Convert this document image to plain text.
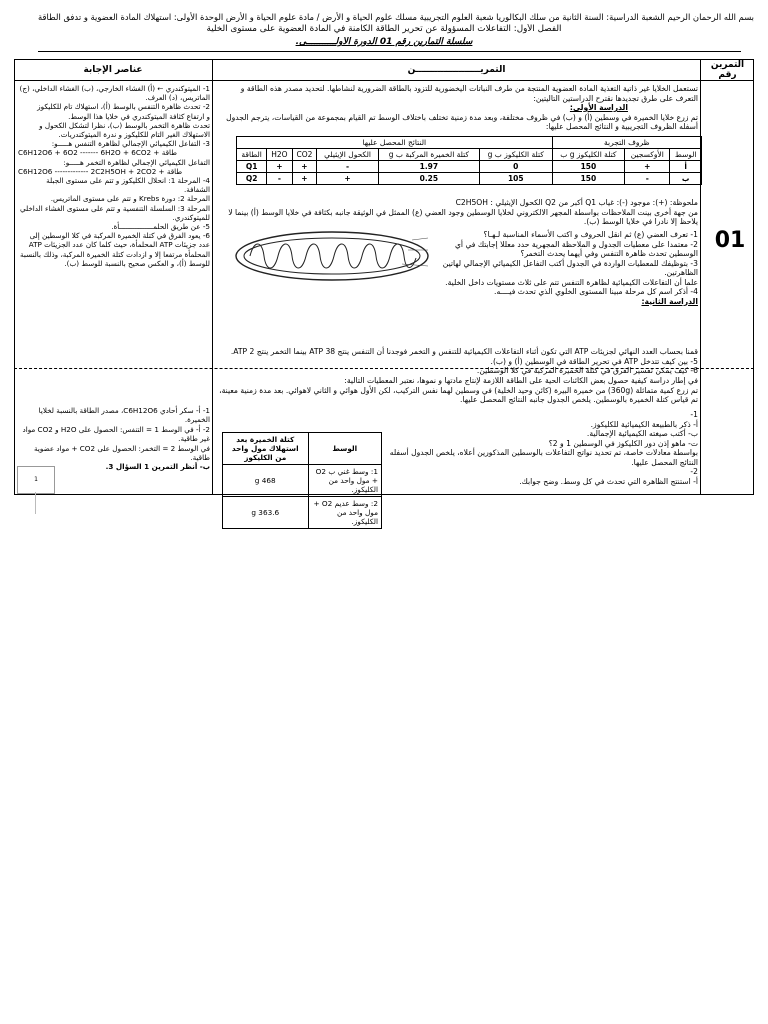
بسم الله الرحمان الرحيم الشعبة الدراسية: السنة الثانية من سلك البكالوريا شعبة العلوم التجريبية مسلك علوم الحياة و الأرض / مادة علوم الحياة و الأرض الوحدة الأولى: استهلاك المادة العضوية و تدفق الطاقة
الفصل الأول: التفاعلات المسؤولة عن تحرير الطاقة الكامنة في المادة العضوية على مستوى الخلية
سلسلة التمارين رقم 01 الدورة الأولـــــــــــى.
التمرين رقم
التمريـــــــــــــــــــــن
عناصر الإجابة
01

تستعمل الخلايا غير ذاتية التغذية المادة العضوية المنتجة من طرف النباتات اليخضورية للتزود بالطاقة الضرورية لنشاطها. لتحديد مصدر هذه الطاقة و التعرف على طرق تجديدها نقترح الدراستين التاليتين:

الدراسة الأولى:

تم زرع خلايا الخميرة في وسطين (أ) و (ب) في ظروف مختلفة، وبعد مدة زمنية تختلف باختلاف الوسط تم القيام بمجموعة من القياسات، يترجم الجدول أسفله الظروف التجريبية و النتائج المحصل عليها:

ظروف التجربة			النتائج المحصل عليها					
الوسط	الأوكسجين	كتلة الكليكوز g ب	كتلة الكليكوز ب g	كتلة الخميرة المركبة ب g	الكحول الإيثيلي	CO2	H2O	الطاقة
أ	+	150	0	1.97	-	+	+	Q1
ب	-	150	105	0.25	+	+	-	Q2

ملحوظة: (+): موجود (-): غياب Q1 أكبر من Q2 الكحول الإيثيلي : C2H5OH

من جهة أخرى بينت الملاحظات بواسطة المجهر الالكتروني لخلايا الوسطين وجود العضي (ع) الممثل في الوثيقة جانبه بكثافة في خلايا الوسط (أ) بينما لا يلاحظ إلا نادرا في خلايا الوسط (ب).

1- تعرف العضي (ع) ثم انقل الحروف و اكتب الأسماء المناسبة لـهـا؟

2- معتمدا على معطيات الجدول و الملاحظة المجهرية حدد معللا إجابتك في أي الوسطين تحدث ظاهرة التنفس وفي أيهما يحدث التخمر؟

3- بتوظيفك للمعطيات الواردة في الجدول أكتب التفاعل الكيميائي الإجمالي لهاتين الظاهرتين.

علما أن التفاعلات الكيميائية لظاهرة التنفس تتم على ثلاث مستويات داخل الخلية.

4- أذكر اسم كل مرحلة مبينا المستوى الخلوي الذي تحدث فيــــه.

الدراسة الثانية:

قمنا بحساب العدد النهائي لجزيئات ATP التي تكون أثناء التفاعلات الكيميائية للتنفس و التخمر فوجدنا أن التنفس ينتج 38 ATP بينما التخمر ينتج 2 ATP.

5- بين كيف تتدخل ATP في تحرير الطاقة في الوسطين (أ) و (ب).

6- كيف يمكن تفسير الفرق في كتلة الخميرة المركبة في كلا الوسطين.

1- الميتوكندري ← (أ) الغشاء الخارجي، (ب) الغشاء الداخلي، (ج) الماتريس، (د) العرف.

2- تحدث ظاهرة التنفس بالوسط (أ)، استهلاك تام للكليكوز

و ارتفاع كثافة الميتوكندري في خلايا هذا الوسط.

تحدث ظاهرة التخمر بالوسط (ب)، نظرا لتشكل الكحول و الاستهلاك الغير التام للكليكوز و ندرة الميتوكندريات.

3- التفاعل الكيميائي الإجمالي لظاهرة التنفس هـــــو:

C6H12O6 + 6O2 ------- 6H2O + 6CO2 + طاقة

التفاعل الكيميائي الإجمالي لظاهرة التخمر هـــــو:

C6H12O6 ------------- 2C2H5OH + 2CO2 + طاقة

4- المرحلة 1: انحلال الكليكوز و تتم على مستوى الجبلة الشفافة.

المرحلة 2: دورة Krebs و تتم على مستوى الماتريس.

المرحلة 3: السلسلة التنفسية و تتم على مستوى الغشاء الداخلي للميتوكندري.

5- عن طريق الحلمــــــــــــــــأة.

6- يعود الفرق في كتلة الخميرة المركبة في كلا الوسطين إلى عدد جزيئات ATP المحلمأة، حيث كلما كان عدد الجزيئات ATP المحلمأة مرتفعا إلا و ازدادت كتلة الخميرة المركبة، وذلك بالنسبة للوسط (أ)، و العكس صحيح بالنسبة للوسط (ب).

في إطار دراسة كيفية حصول بعض الكائنات الحية على الطاقة اللازمة لإنتاج مادتها و نموها، نعتبر المعطيات التالية:

تم زرع كمية متماثلة (360g) من خميرة البيرة (كائن وحيد الخلية) في وسطين لهما نفس التركيب، لكن الأول هوائي و الثاني لاهوائي. بعد مدة زمنية معينة، تم قياس كتلة الخميرة بالوسطين. يلخص الجدول جانبه النتائج المحصل عليها.

1-

أ- ذكر بالطبيعة الكيميائية للكليكوز.

ب- أكتب صيغته الكيميائية الإجمالية.

ت- ماهو إذن دور الكليكوز في الوسطين 1 و 2؟

بواسطة معادلات خاصة، تم تحديد نواتج التفاعلات بالوسطين المذكورين أعلاه، يلخص الجدول أسفله النتائج المحصل عليها.

2-

أ- استنتج الظاهرة التي تحدث في كل وسط. وضح جوابك.

الوسط	كتلة الخميرة بعد استهلاك مول واحد من الكليكوز
1: وسط غني ب O2 + مول واحد من الكليكوز.	468 g
2: وسط عديم O2 + مول واحد من الكليكوز.	363.6 g

1- أ- سكر أحادي C6H12O6، مصدر الطاقة بالنسبة لخلايا الخميرة.

2- أ- في الوسط 1 = التنفس: الحصول على H2O و CO2 مواد غير طاقية.

في الوسط 2 = التخمر: الحصول على CO2 + مواد عضوية طاقية.

ب- أنظر التمرين 1 السؤال 3.

1
